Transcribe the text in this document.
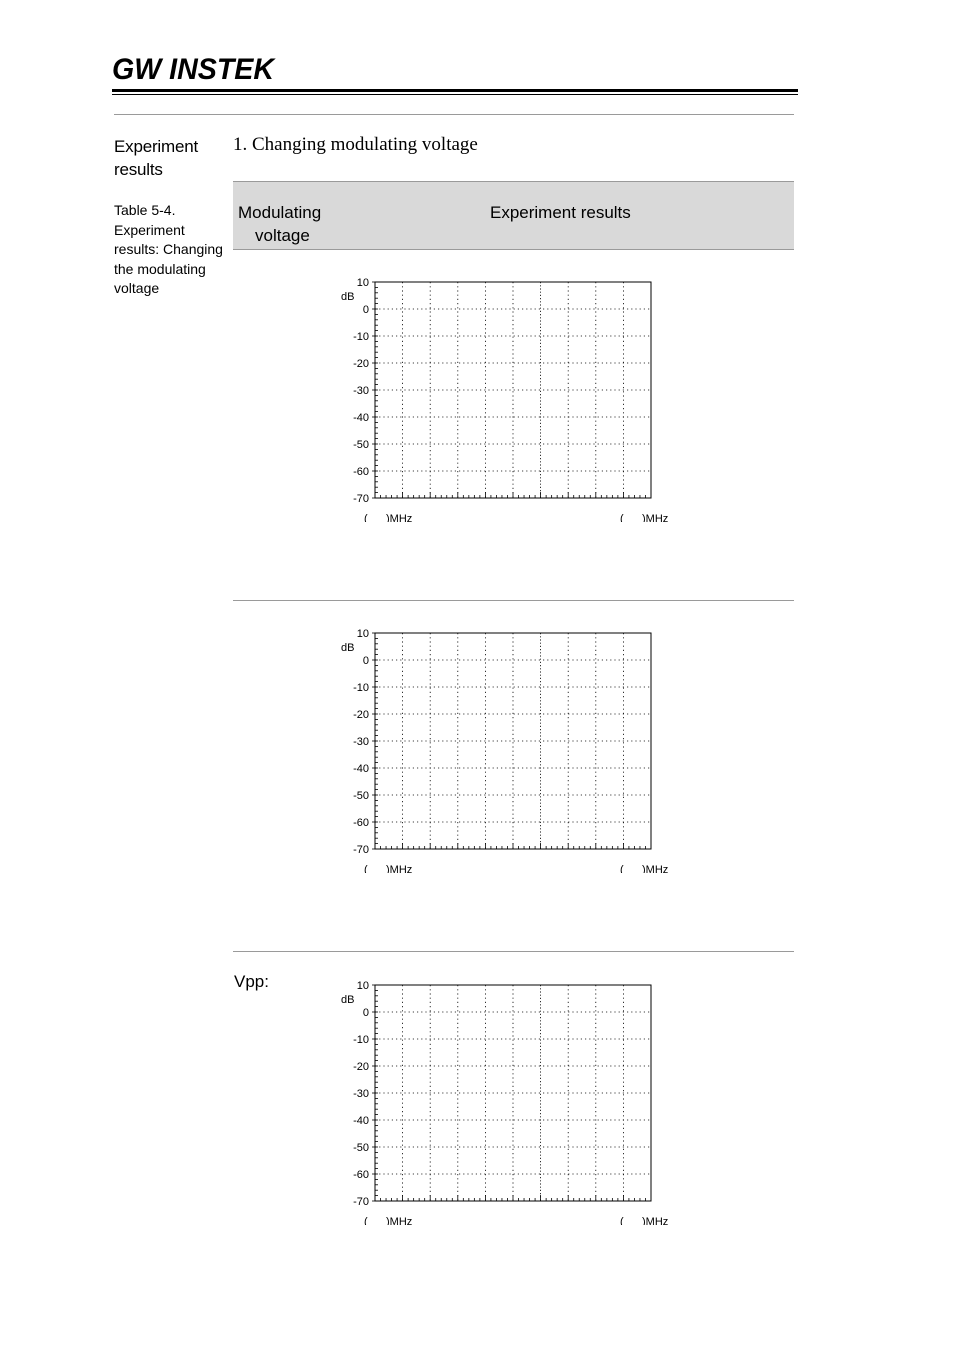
GW INSTEK
Experiment results
1. Changing modulating voltage
Table 5-4. Experiment results: Changing the modulating voltage
Modulating
voltage
Experiment results
Vpp:
10
0
-10
-20
-30
-40
-50
-60
-70
dB
(      )MHz	(      )MHz
10
0
-10
-20
-30
-40
-50
-60
-70
dB
(      )MHz	(      )MHz
10
0
-10
-20
-30
-40
-50
-60
-70
dB
(      )MHz	(      )MHz
